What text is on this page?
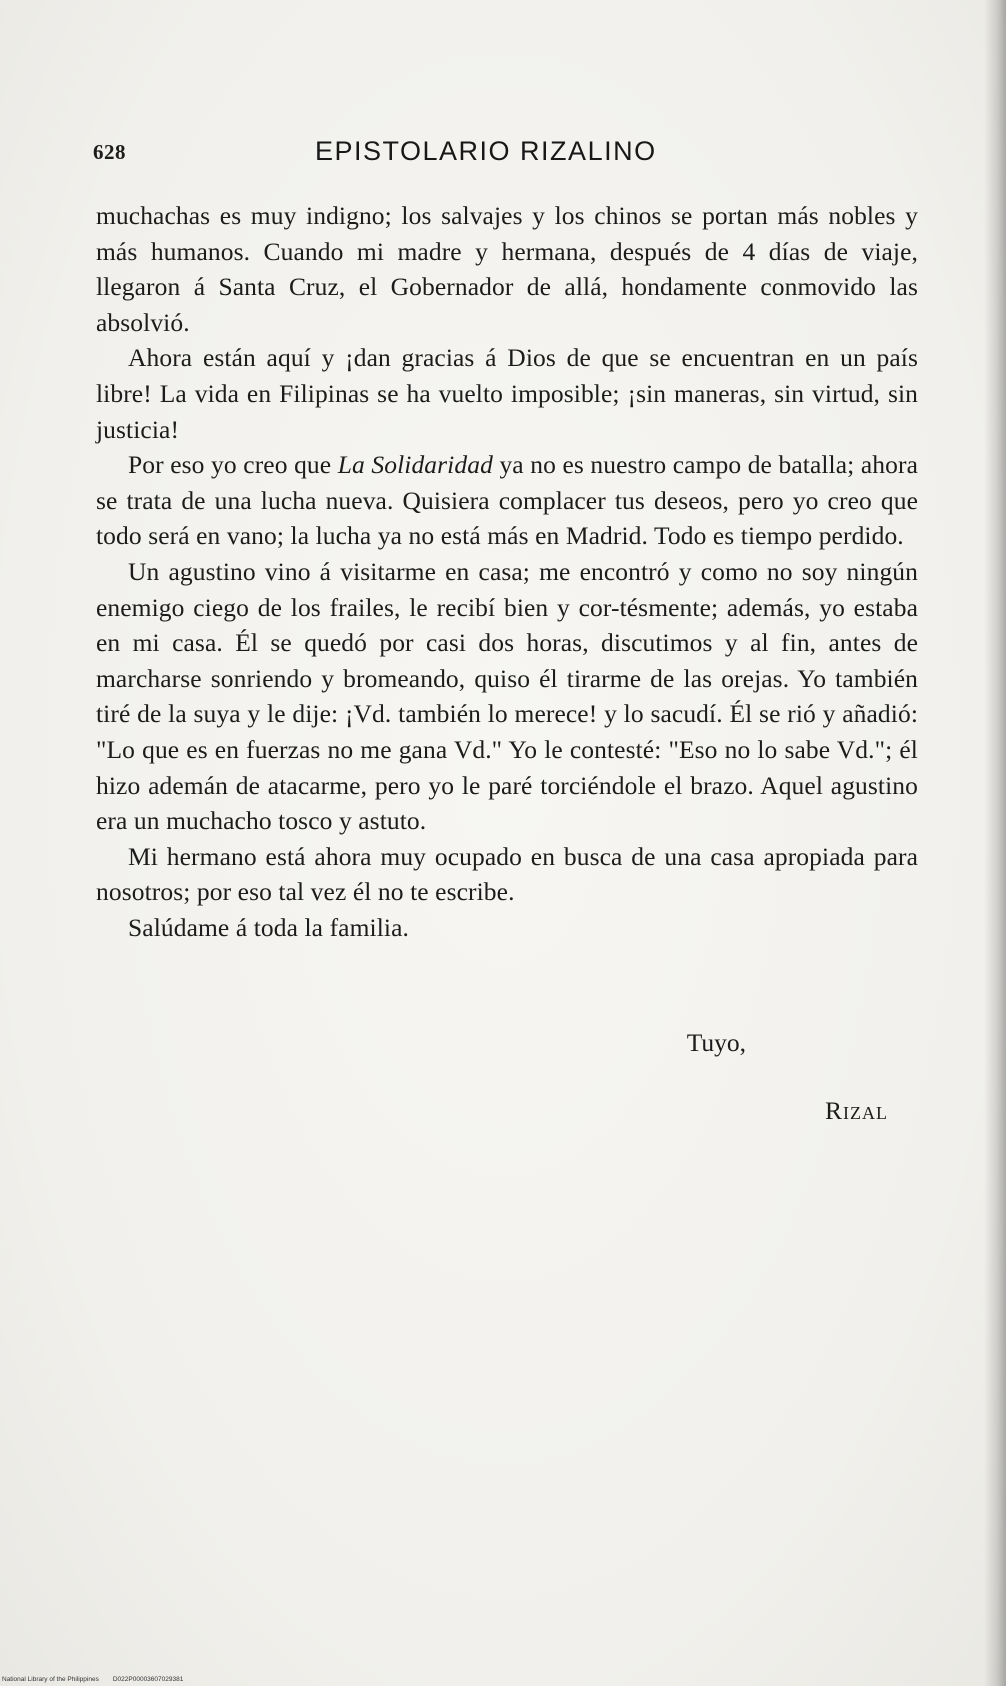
628	EPISTOLARIO RIZALINO

muchachas es muy indigno; los salvajes y los chinos se portan más nobles y más humanos. Cuando mi madre y hermana, después de 4 días de viaje, llegaron á Santa Cruz, el Gobernador de allá, hondamente conmovido las absolvió.

Ahora están aquí y ¡dan gracias á Dios de que se encuentran en un país libre! La vida en Filipinas se ha vuelto imposible; ¡sin maneras, sin virtud, sin justicia!

Por eso yo creo que La Solidaridad ya no es nuestro campo de batalla; ahora se trata de una lucha nueva. Quisiera complacer tus deseos, pero yo creo que todo será en vano; la lucha ya no está más en Madrid. Todo es tiempo perdido.

Un agustino vino á visitarme en casa; me encontró y como no soy ningún enemigo ciego de los frailes, le recibí bien y cor-tésmente; además, yo estaba en mi casa. Él se quedó por casi dos horas, discutimos y al fin, antes de marcharse sonriendo y bromeando, quiso él tirarme de las orejas. Yo también tiré de la suya y le dije: ¡Vd. también lo merece! y lo sacudí. Él se rió y añadió: "Lo que es en fuerzas no me gana Vd." Yo le contesté: "Eso no lo sabe Vd."; él hizo ademán de atacarme, pero yo le paré torciéndole el brazo. Aquel agustino era un muchacho tosco y astuto.

Mi hermano está ahora muy ocupado en busca de una casa apropiada para nosotros; por eso tal vez él no te escribe.

Salúdame á toda la familia.

Tuyo,
Rizal
National Library of the Philippines D022P00003607029381
